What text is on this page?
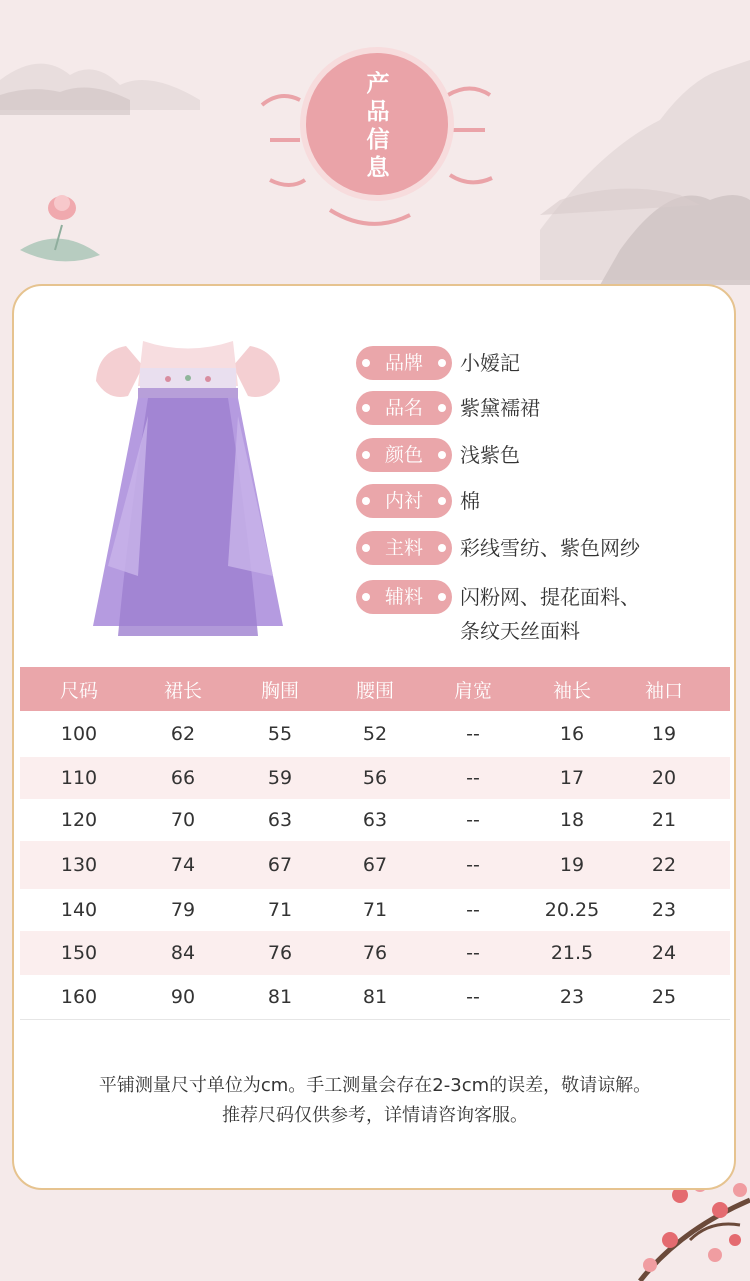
产
品
信
息
品牌	小嫒記
品名	紫黛襦裙
颜色	浅紫色
内衬	棉
主料	彩线雪纺、紫色网纱
辅料	闪粉网、提花面料、
条纹天丝面料
尺码	裙长	胸围	腰围	肩宽	袖长	袖口
100	62	55	52	--	16	19
110	66	59	56	--	17	20
120	70	63	63	--	18	21
130	74	67	67	--	19	22
140	79	71	71	--	20.25	23
150	84	76	76	--	21.5	24
160	90	81	81	--	23	25
平铺测量尺寸单位为cm。手工测量会存在2-3cm的误差，敬请谅解。
推荐尺码仅供参考，详情请咨询客服。
